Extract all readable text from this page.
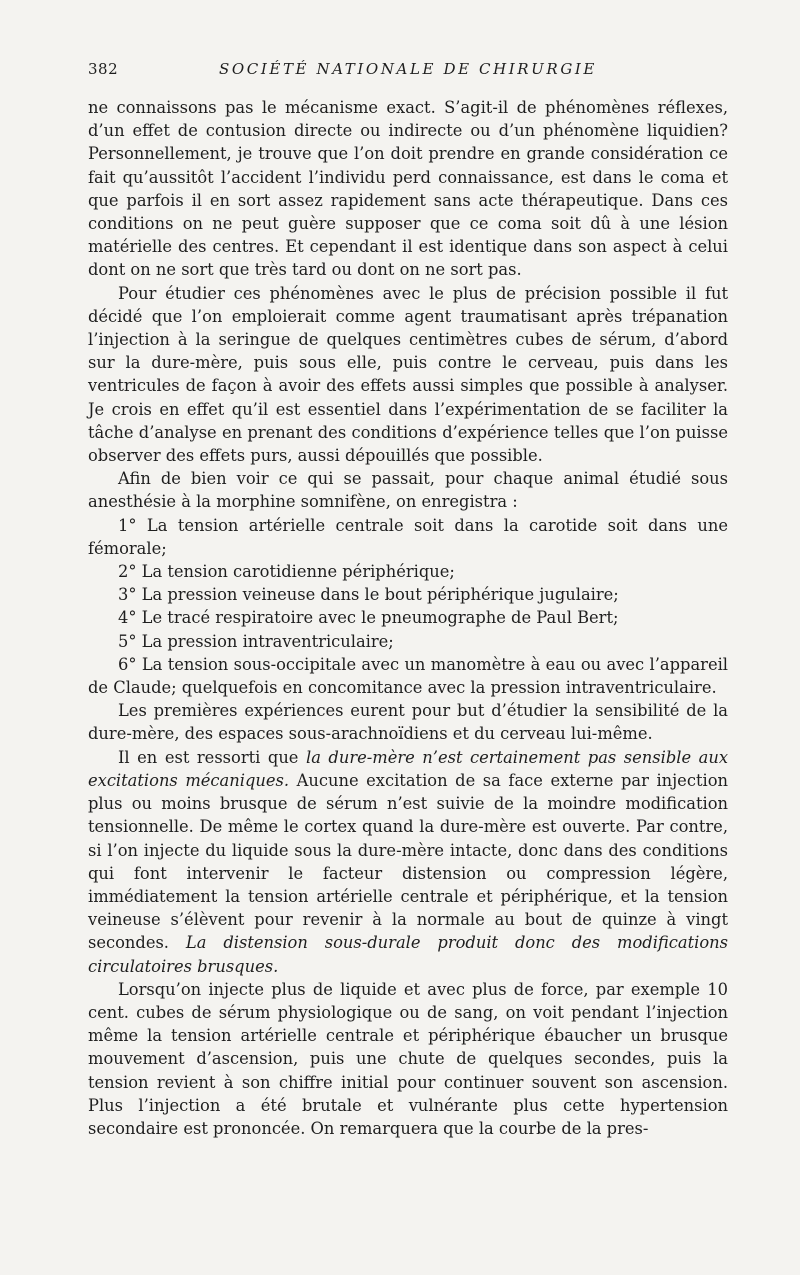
382	SOCIÉTÉ NATIONALE DE CHIRURGIE

ne connaissons pas le mécanisme exact. S’agit-il de phénomènes réflexes, d’un effet de contusion directe ou indirecte ou d’un phénomène liquidien? Personnellement, je trouve que l’on doit prendre en grande considération ce fait qu’aussitôt l’accident l’individu perd connaissance, est dans le coma et que parfois il en sort assez rapidement sans acte thérapeutique. Dans ces conditions on ne peut guère supposer que ce coma soit dû à une lésion matérielle des centres. Et cependant il est identique dans son aspect à celui dont on ne sort que très tard ou dont on ne sort pas.

Pour étudier ces phénomènes avec le plus de précision possible il fut décidé que l’on emploierait comme agent traumatisant après trépanation l’injection à la seringue de quelques centimètres cubes de sérum, d’abord sur la dure-mère, puis sous elle, puis contre le cerveau, puis dans les ventricules de façon à avoir des effets aussi simples que possible à analyser. Je crois en effet qu’il est essentiel dans l’expérimentation de se faciliter la tâche d’analyse en prenant des conditions d’expérience telles que l’on puisse observer des effets purs, aussi dépouillés que possible.

Afin de bien voir ce qui se passait, pour chaque animal étudié sous anesthésie à la morphine somnifène, on enregistra :

1° La tension artérielle centrale soit dans la carotide soit dans une fémorale;

2° La tension carotidienne périphérique;

3° La pression veineuse dans le bout périphérique jugulaire;

4° Le tracé respiratoire avec le pneumographe de Paul Bert;

5° La pression intraventriculaire;

6° La tension sous-occipitale avec un manomètre à eau ou avec l’appareil de Claude; quelquefois en concomitance avec la pression intraventriculaire.

Les premières expériences eurent pour but d’étudier la sensibilité de la dure-mère, des espaces sous-arachnoïdiens et du cerveau lui-même.

Il en est ressorti que la dure-mère n’est certainement pas sensible aux excitations mécaniques. Aucune excitation de sa face externe par injection plus ou moins brusque de sérum n’est suivie de la moindre modification tensionnelle. De même le cortex quand la dure-mère est ouverte. Par contre, si l’on injecte du liquide sous la dure-mère intacte, donc dans des conditions qui font intervenir le facteur distension ou compression légère, immédiatement la tension artérielle centrale et périphérique, et la tension veineuse s’élèvent pour revenir à la normale au bout de quinze à vingt secondes. La distension sous-durale produit donc des modifications circulatoires brusques.

Lorsqu’on injecte plus de liquide et avec plus de force, par exemple 10 cent. cubes de sérum physiologique ou de sang, on voit pendant l’injection même la tension artérielle centrale et périphérique ébaucher un brusque mouvement d’ascension, puis une chute de quelques secondes, puis la tension revient à son chiffre initial pour continuer souvent son ascension. Plus l’injection a été brutale et vulnérante plus cette hypertension secondaire est prononcée. On remarquera que la courbe de la pres-
